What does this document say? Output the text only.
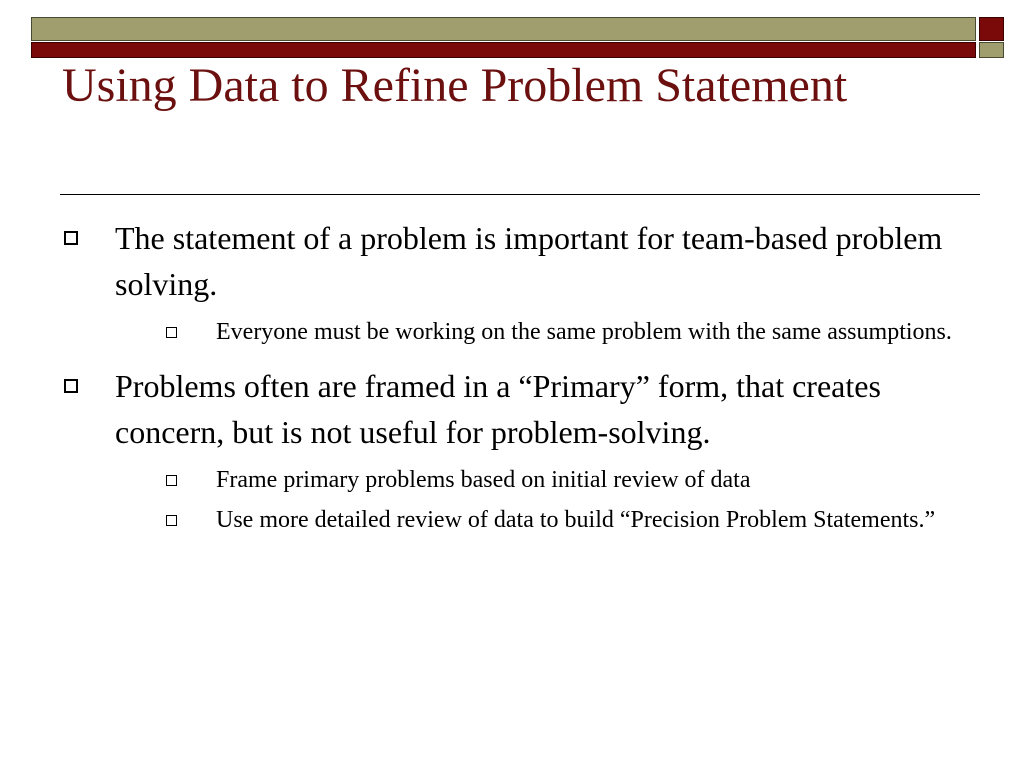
Using Data to Refine Problem Statement
The statement of a problem is important for team-based problem solving.
Everyone must be working on the same problem with the same assumptions.
Problems often are framed in a “Primary” form, that creates concern, but is not useful for problem-solving.
Frame primary problems based on initial review of data
Use more detailed review of data to build “Precision Problem Statements.”
